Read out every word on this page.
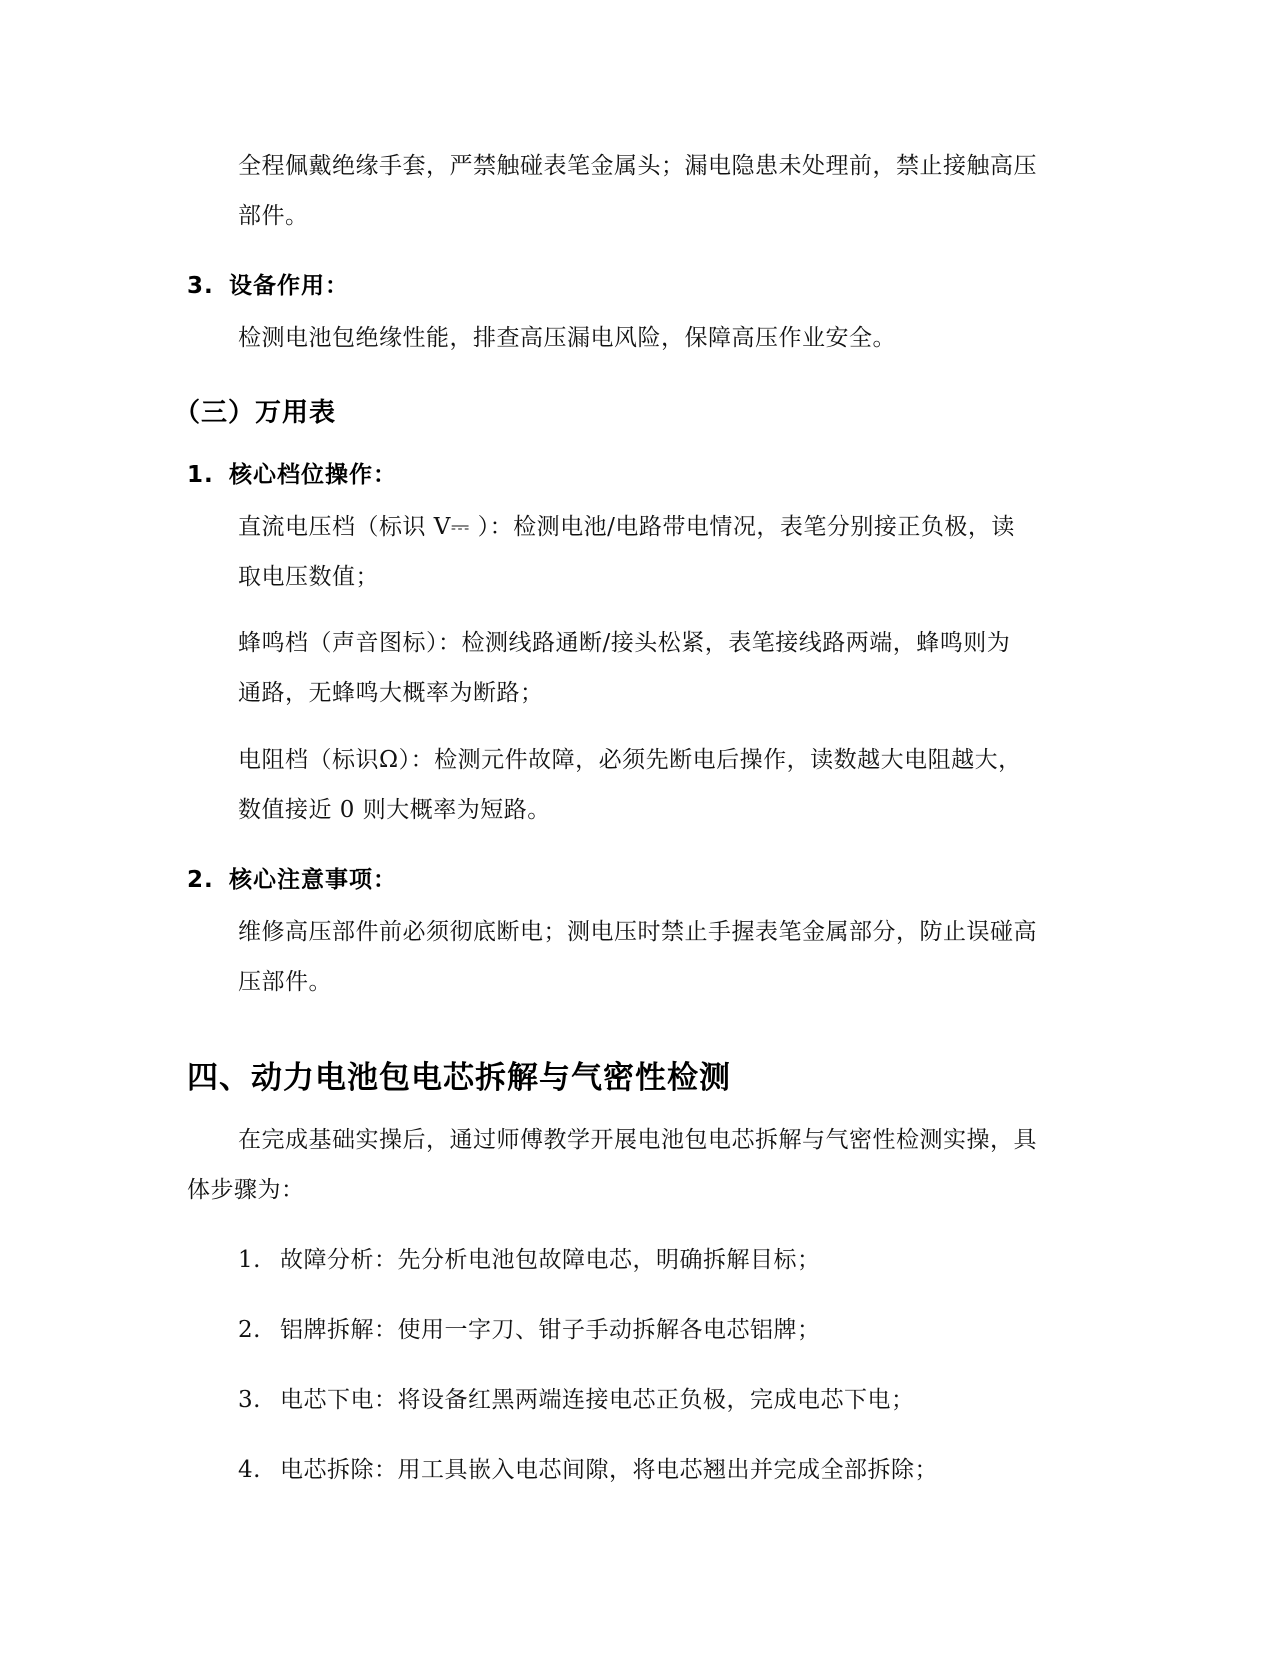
全程佩戴绝缘手套，严禁触碰表笔金属头；漏电隐患未处理前，禁止接触高压
部件。
3. 设备作用：
检测电池包绝缘性能，排查高压漏电风险，保障高压作业安全。
（三）万用表
1. 核心档位操作：
直流电压档（标识 V⎓ ）：检测电池/电路带电情况，表笔分别接正负极，读
取电压数值；
蜂鸣档（声音图标）：检测线路通断/接头松紧，表笔接线路两端，蜂鸣则为
通路，无蜂鸣大概率为断路；
电阻档（标识Ω）：检测元件故障，必须先断电后操作，读数越大电阻越大，
数值接近 0 则大概率为短路。
2. 核心注意事项：
维修高压部件前必须彻底断电；测电压时禁止手握表笔金属部分，防止误碰高
压部件。
四、动力电池包电芯拆解与气密性检测
在完成基础实操后，通过师傅教学开展电池包电芯拆解与气密性检测实操，具
体步骤为：
1. 故障分析：先分析电池包故障电芯，明确拆解目标；
2. 铝牌拆解：使用一字刀、钳子手动拆解各电芯铝牌；
3. 电芯下电：将设备红黑两端连接电芯正负极，完成电芯下电；
4. 电芯拆除：用工具嵌入电芯间隙，将电芯翘出并完成全部拆除；
